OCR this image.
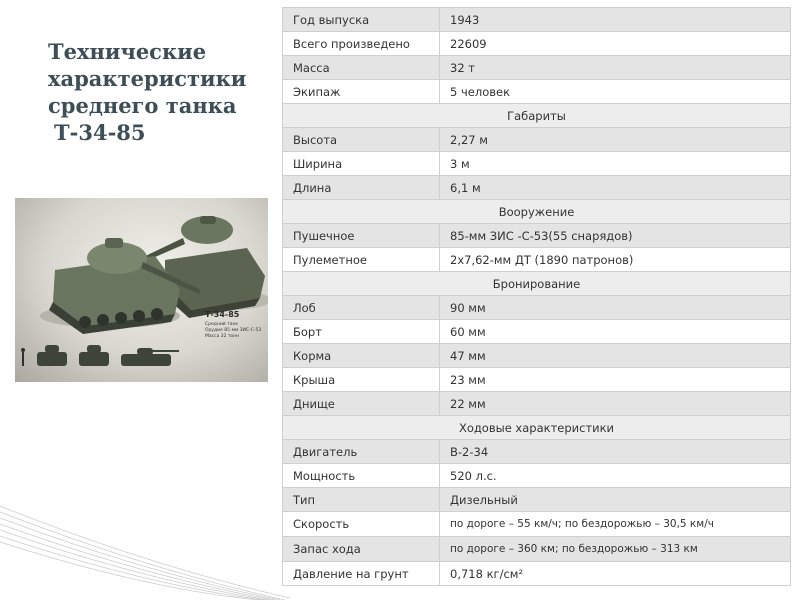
Технические
характеристики
среднего танка
Т-34-85
Т-34-85
Средний танк
Орудие 85 мм ЗИС-С-53
Масса 32 тонн
Год выпуска	1943
Всего произведено	22609
Масса	32 т
Экипаж	5 человек
Габариты	
Высота	2,27 м
Ширина	3 м
Длина	6,1 м
Вооружение	
Пушечное	85-мм ЗИС -С-53(55 снарядов)
Пулеметное	2х7,62-мм ДТ (1890 патронов)
Бронирование	
Лоб	90 мм
Борт	60 мм
Корма	47 мм
Крыша	23 мм
Днище	22 мм
Ходовые характеристики	
Двигатель	В-2-34
Мощность	520 л.с.
Тип	Дизельный
Скорость	по дороге – 55 км/ч; по бездорожью – 30,5 км/ч
Запас хода	по дороге – 360 км; по бездорожью – 313 км
Давление на грунт	0,718 кг/см²
